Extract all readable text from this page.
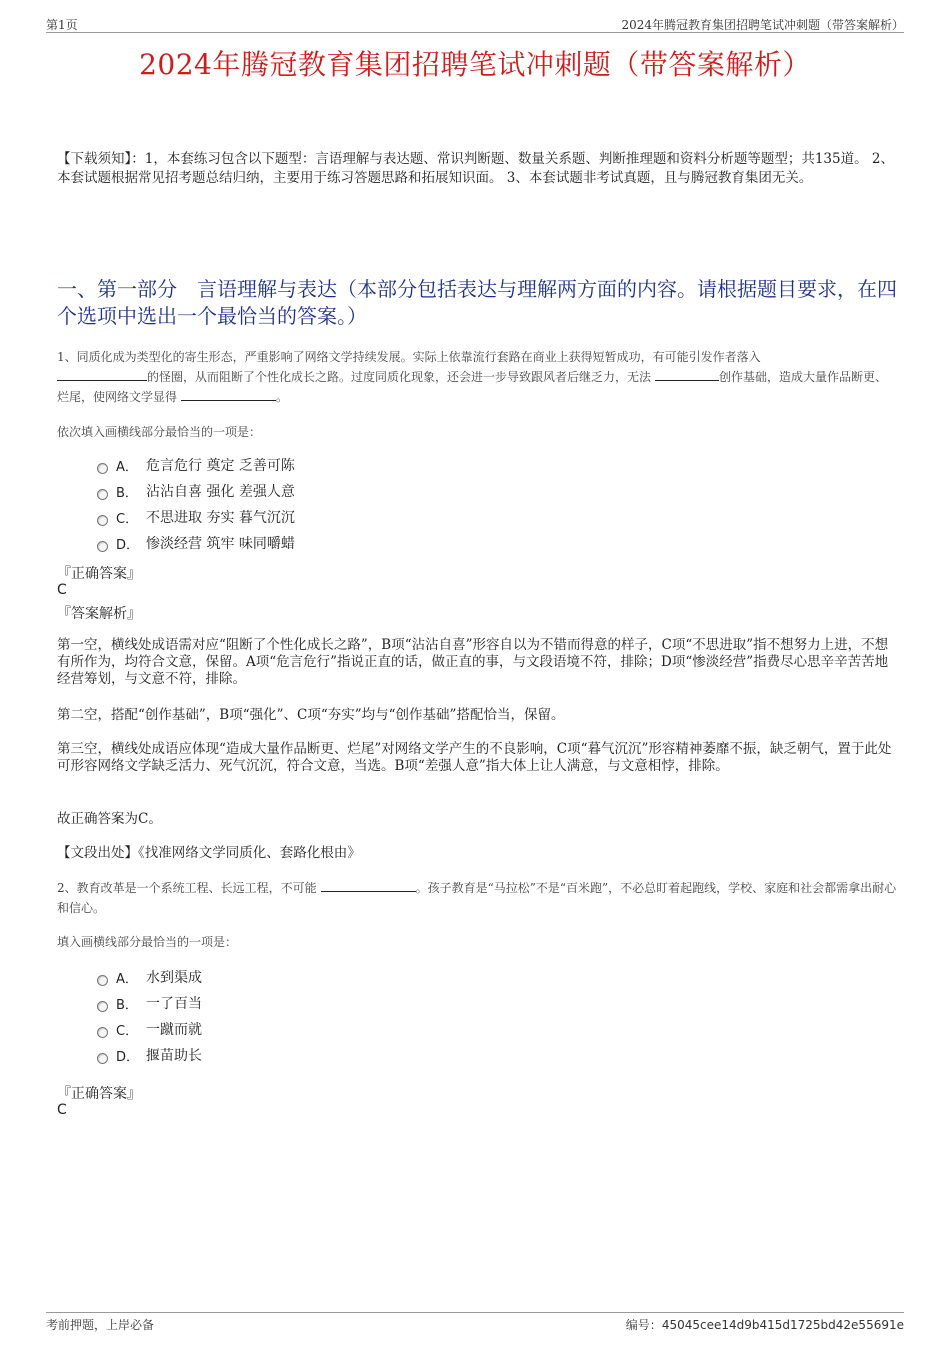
第1页	2024年腾冠教育集团招聘笔试冲刺题（带答案解析）
2024年腾冠教育集团招聘笔试冲刺题（带答案解析）
【下载须知】：1，本套练习包含以下题型：言语理解与表达题、常识判断题、数量关系题、判断推理题和资料分析题等题型；共135道。 2、本套试题根据常见招考题总结归纳，主要用于练习答题思路和拓展知识面。 3、本套试题非考试真题，且与腾冠教育集团无关。
一、第一部分　言语理解与表达（本部分包括表达与理解两方面的内容。请根据题目要求，在四个选项中选出一个最恰当的答案。）
1、同质化成为类型化的寄生形态，严重影响了网络文学持续发展。实际上依靠流行套路在商业上获得短暂成功，有可能引发作者落入
的怪圈，从而阻断了个性化成长之路。过度同质化现象，还会进一步导致跟风者后继乏力，无法	创作基础，造成大量作品断更、烂尾，使网络文学显得	。
依次填入画横线部分最恰当的一项是：
A． 危言危行 奠定 乏善可陈
B． 沾沾自喜 强化 差强人意
C． 不思进取 夯实 暮气沉沉
D． 惨淡经营 筑牢 味同嚼蜡
『正确答案』
C
『答案解析』
第一空，横线处成语需对应“阻断了个性化成长之路”，B项“沾沾自喜”形容自以为不错而得意的样子，C项“不思进取”指不想努力上进，不想有所作为，均符合文意，保留。A项“危言危行”指说正直的话，做正直的事，与文段语境不符，排除；D项“惨淡经营”指费尽心思辛辛苦苦地经营筹划，与文意不符，排除。
第二空，搭配“创作基础”，B项“强化”、C项“夯实”均与“创作基础”搭配恰当，保留。
第三空，横线处成语应体现“造成大量作品断更、烂尾”对网络文学产生的不良影响，C项“暮气沉沉”形容精神萎靡不振，缺乏朝气，置于此处可形容网络文学缺乏活力、死气沉沉，符合文意，当选。B项“差强人意”指大体上让人满意，与文意相悖，排除。
故正确答案为C。
【文段出处】《找准网络文学同质化、套路化根由》
2、教育改革是一个系统工程、长远工程，不可能	。孩子教育是“马拉松”不是“百米跑”，不必总盯着起跑线，学校、家庭和社会都需拿出耐心和信心。
填入画横线部分最恰当的一项是：
A． 水到渠成
B． 一了百当
C． 一蹴而就
D． 揠苗助长
『正确答案』
C
考前押题，上岸必备	编号：45045cee14d9b415d1725bd42e55691e
